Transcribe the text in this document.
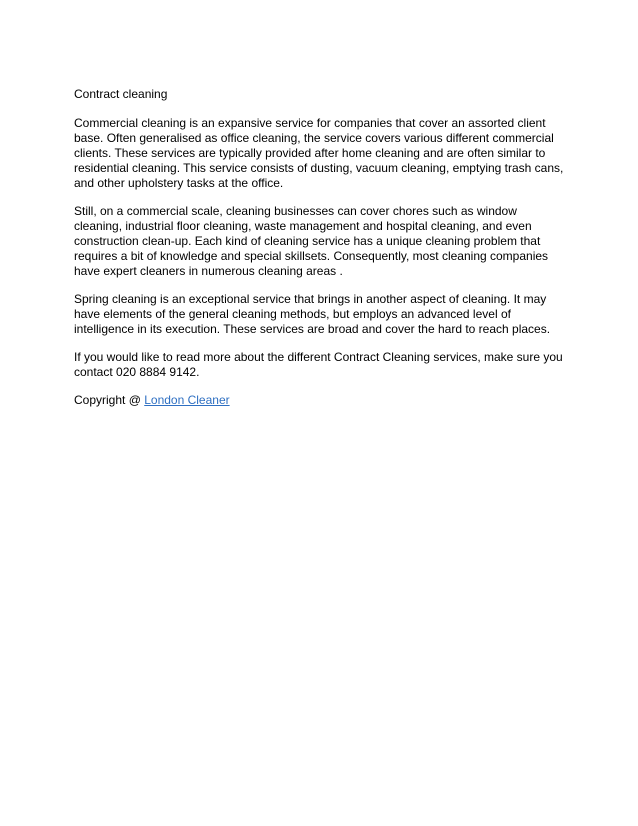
Contract cleaning

Commercial cleaning is an expansive service for companies that cover an assorted client base. Often generalised as office cleaning, the service covers various different commercial clients. These services are typically provided after home cleaning and are often similar to residential cleaning. This service consists of dusting, vacuum cleaning, emptying trash cans, and other upholstery tasks at the office.

Still, on a commercial scale, cleaning businesses can cover chores such as window cleaning, industrial floor cleaning, waste management and hospital cleaning, and even construction clean-up. Each kind of cleaning service has a unique cleaning problem that requires a bit of knowledge and special skillsets. Consequently, most cleaning companies have expert cleaners in numerous cleaning areas .

Spring cleaning is an exceptional service that brings in another aspect of cleaning. It may have elements of the general cleaning methods, but employs an advanced level of intelligence in its execution. These services are broad and cover the hard to reach places.

If you would like to read more about the different Contract Cleaning services, make sure you contact 020 8884 9142.

Copyright @ London Cleaner
